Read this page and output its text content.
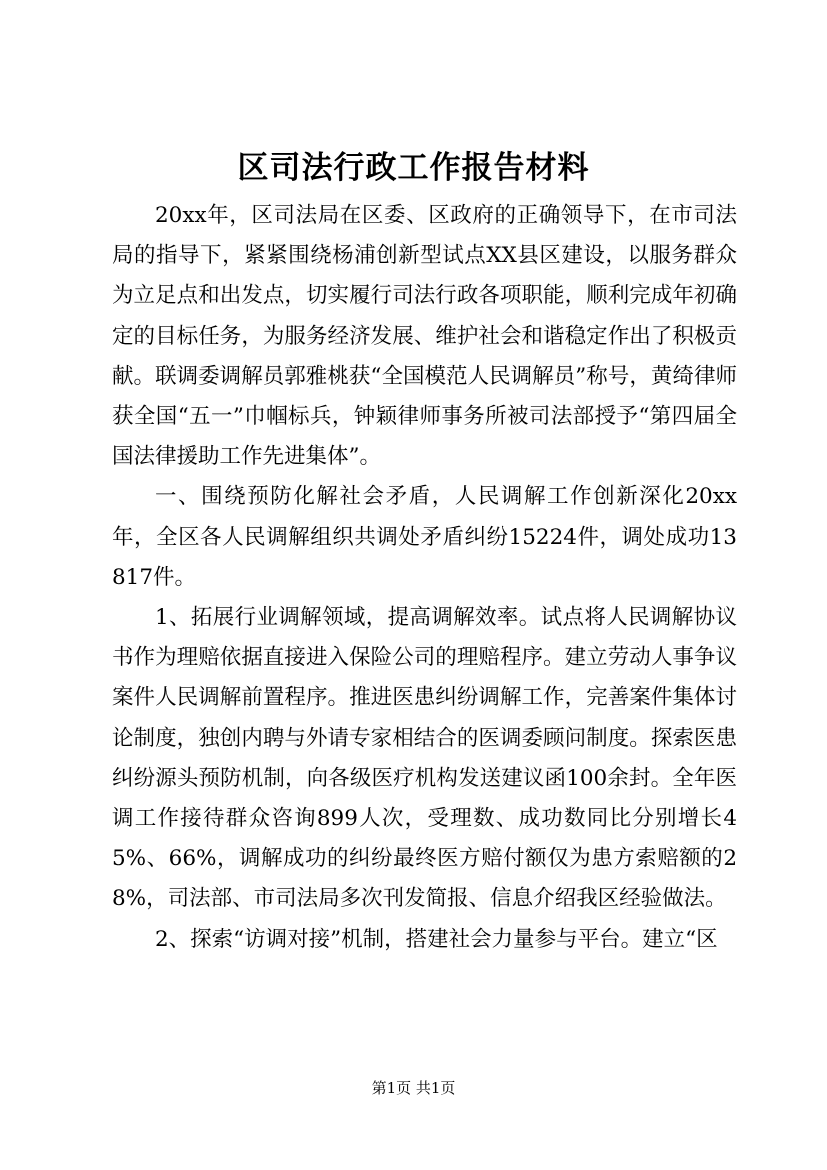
区司法行政工作报告材料

20xx年，区司法局在区委、区政府的正确领导下，在市司法局的指导下，紧紧围绕杨浦创新型试点XX县区建设，以服务群众为立足点和出发点，切实履行司法行政各项职能，顺利完成年初确定的目标任务，为服务经济发展、维护社会和谐稳定作出了积极贡献。联调委调解员郭雅桃获“全国模范人民调解员”称号，黄绮律师获全国“五一”巾帼标兵，钟颖律师事务所被司法部授予“第四届全国法律援助工作先进集体”。

一、围绕预防化解社会矛盾，人民调解工作创新深化20xx年，全区各人民调解组织共调处矛盾纠纷15224件，调处成功13817件。

1、拓展行业调解领域，提高调解效率。试点将人民调解协议书作为理赔依据直接进入保险公司的理赔程序。建立劳动人事争议案件人民调解前置程序。推进医患纠纷调解工作，完善案件集体讨论制度，独创内聘与外请专家相结合的医调委顾问制度。探索医患纠纷源头预防机制，向各级医疗机构发送建议函100余封。全年医调工作接待群众咨询899人次，受理数、成功数同比分别增长45%、66%，调解成功的纠纷最终医方赔付额仅为患方索赔额的28%，司法部、市司法局多次刊发简报、信息介绍我区经验做法。

2、探索“访调对接”机制，搭建社会力量参与平台。建立“区

第1页 共1页
